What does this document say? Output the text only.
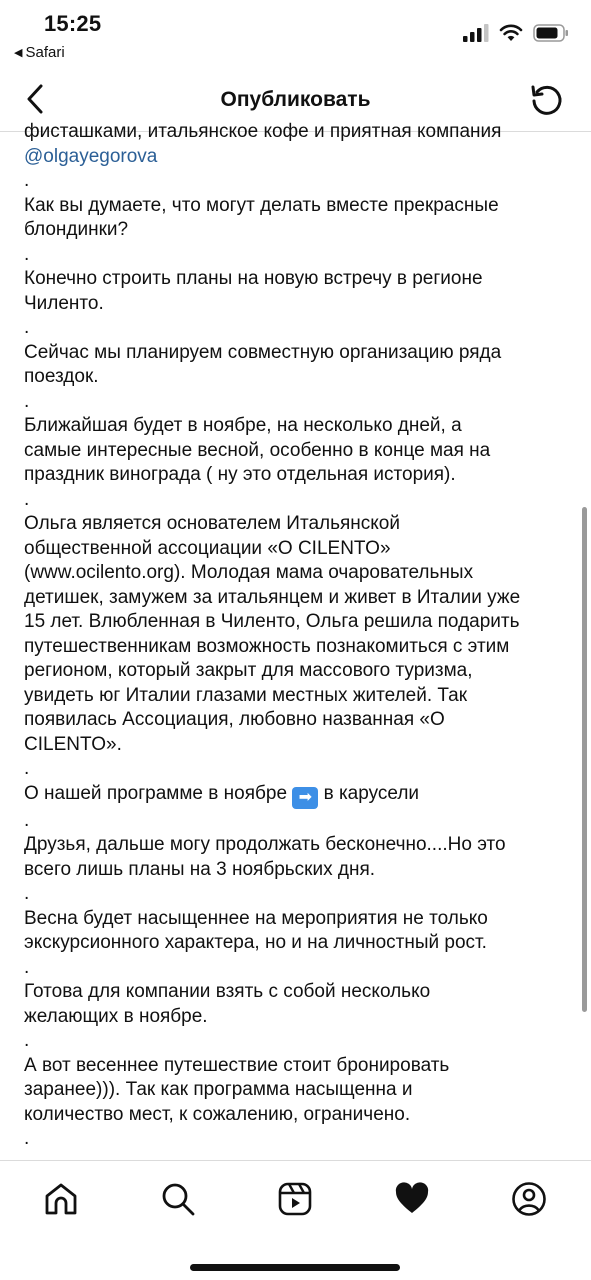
15:25
◀ Safari
Опубликовать

фисташками, итальянское кофе и приятная компания

@olgayegorova

.

Как вы думаете, что могут делать вместе прекрасные

блондинки?

.

Конечно строить планы на новую встречу в регионе

Чиленто.

.

Сейчас мы планируем совместную организацию ряда

поездок.

.

Ближайшая будет в ноябре, на несколько дней, а

самые интересные весной, особенно в конце мая на

праздник винограда ( ну это отдельная история).

.

Ольга является основателем Итальянской

общественной ассоциации «О CILENTO»

(www.ocilento.org). Молодая мама очаровательных

детишек, замужем за итальянцем и живет в Италии уже

15 лет. Влюбленная в Чиленто, Ольга решила подарить

путешественникам возможность познакомиться с этим

регионом, который закрыт для массового туризма,

увидеть юг Италии глазами местных жителей. Так

появилась Ассоциация, любовно названная «О

CILENTO».

.

О нашей программе в ноябре ➡ в карусели

.

Друзья, дальше могу продолжать бесконечно....Но это

всего лишь планы на 3 ноябрьских дня.

.

Весна будет насыщеннее на мероприятия не только

экскурсионного характера, но и на личностный рост.

.

Готова для компании взять с собой несколько

желающих в ноябре.

.

А вот весеннее путешествие стоит бронировать

заранее))). Так как программа насыщенна и

количество мест, к сожалению, ограничено.

.
